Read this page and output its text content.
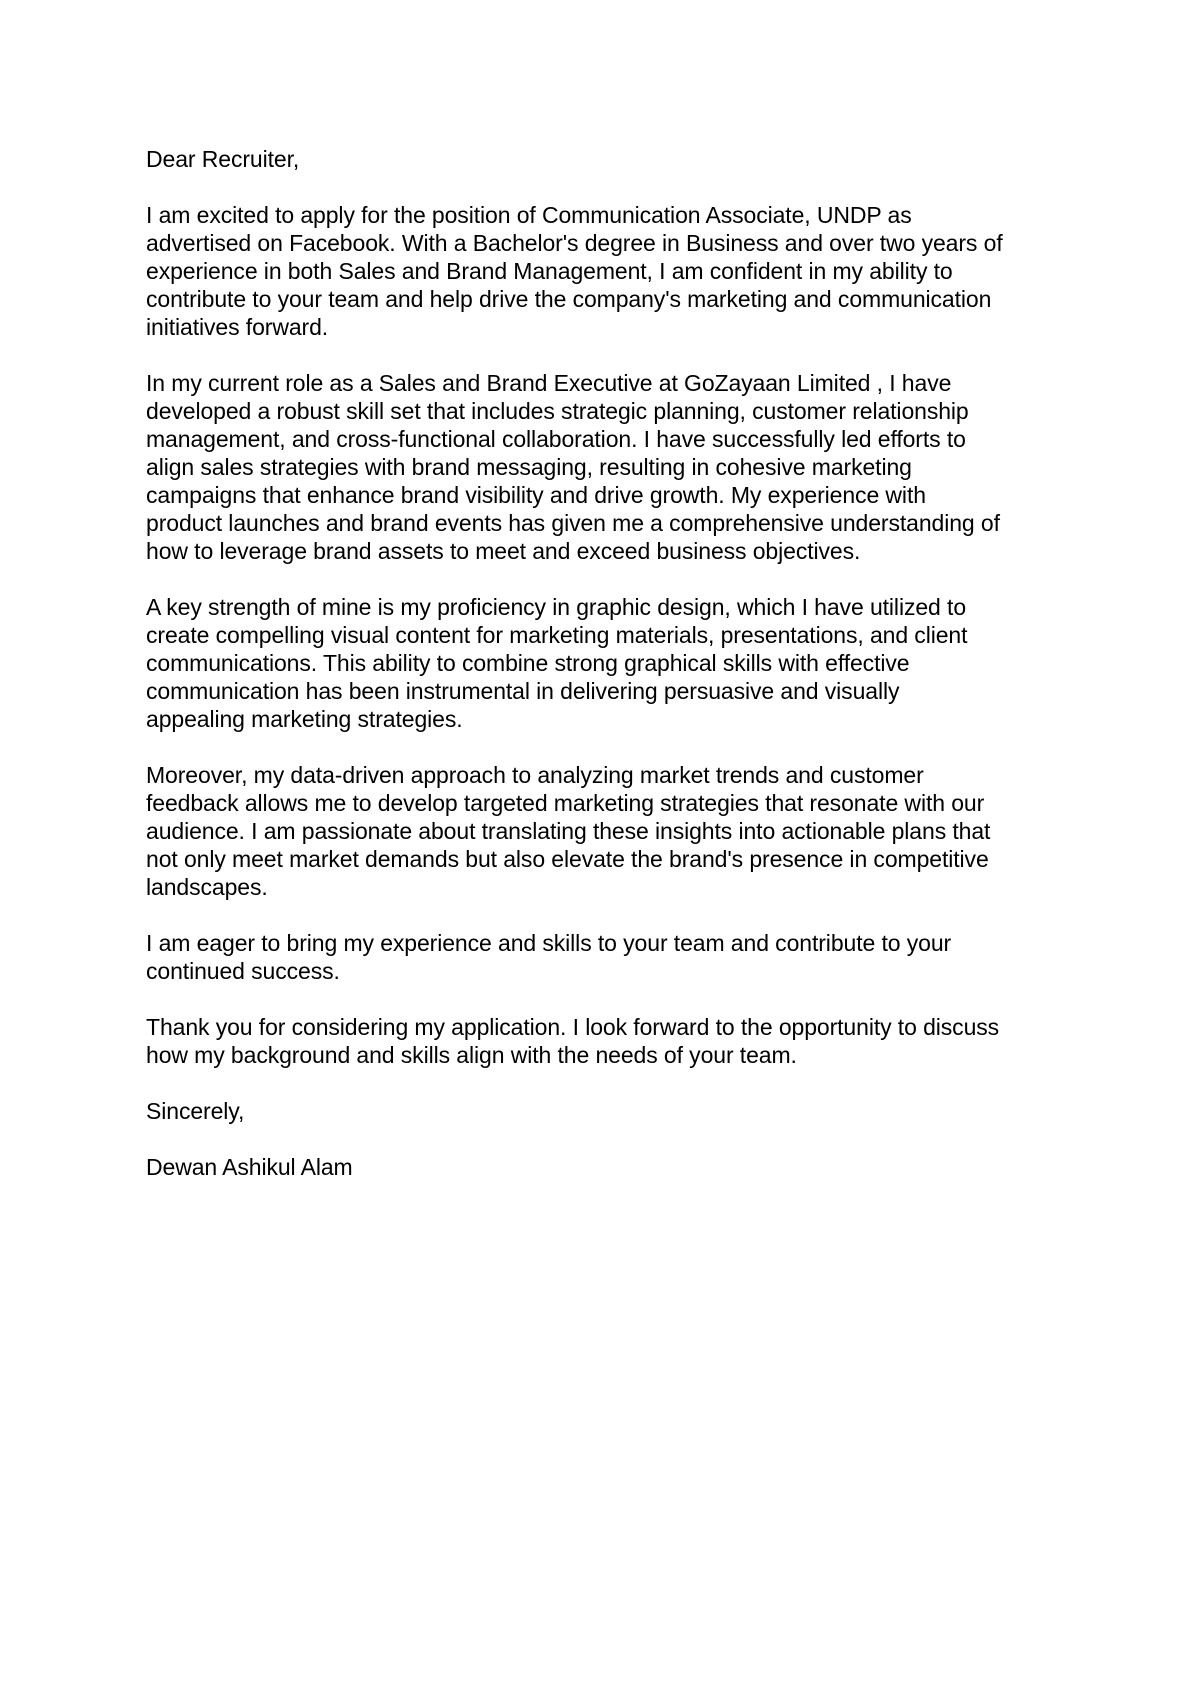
Dear Recruiter,

I am excited to apply for the position of Communication Associate, UNDP as
advertised on Facebook. With a Bachelor's degree in Business and over two years of
experience in both Sales and Brand Management, I am confident in my ability to
contribute to your team and help drive the company's marketing and communication
initiatives forward.

In my current role as a Sales and Brand Executive at GoZayaan Limited , I have
developed a robust skill set that includes strategic planning, customer relationship
management, and cross-functional collaboration. I have successfully led efforts to
align sales strategies with brand messaging, resulting in cohesive marketing
campaigns that enhance brand visibility and drive growth. My experience with
product launches and brand events has given me a comprehensive understanding of
how to leverage brand assets to meet and exceed business objectives.

A key strength of mine is my proficiency in graphic design, which I have utilized to
create compelling visual content for marketing materials, presentations, and client
communications. This ability to combine strong graphical skills with effective
communication has been instrumental in delivering persuasive and visually
appealing marketing strategies.

Moreover, my data-driven approach to analyzing market trends and customer
feedback allows me to develop targeted marketing strategies that resonate with our
audience. I am passionate about translating these insights into actionable plans that
not only meet market demands but also elevate the brand's presence in competitive
landscapes.

I am eager to bring my experience and skills to your team and contribute to your
continued success.

Thank you for considering my application. I look forward to the opportunity to discuss
how my background and skills align with the needs of your team.

Sincerely,

Dewan Ashikul Alam
